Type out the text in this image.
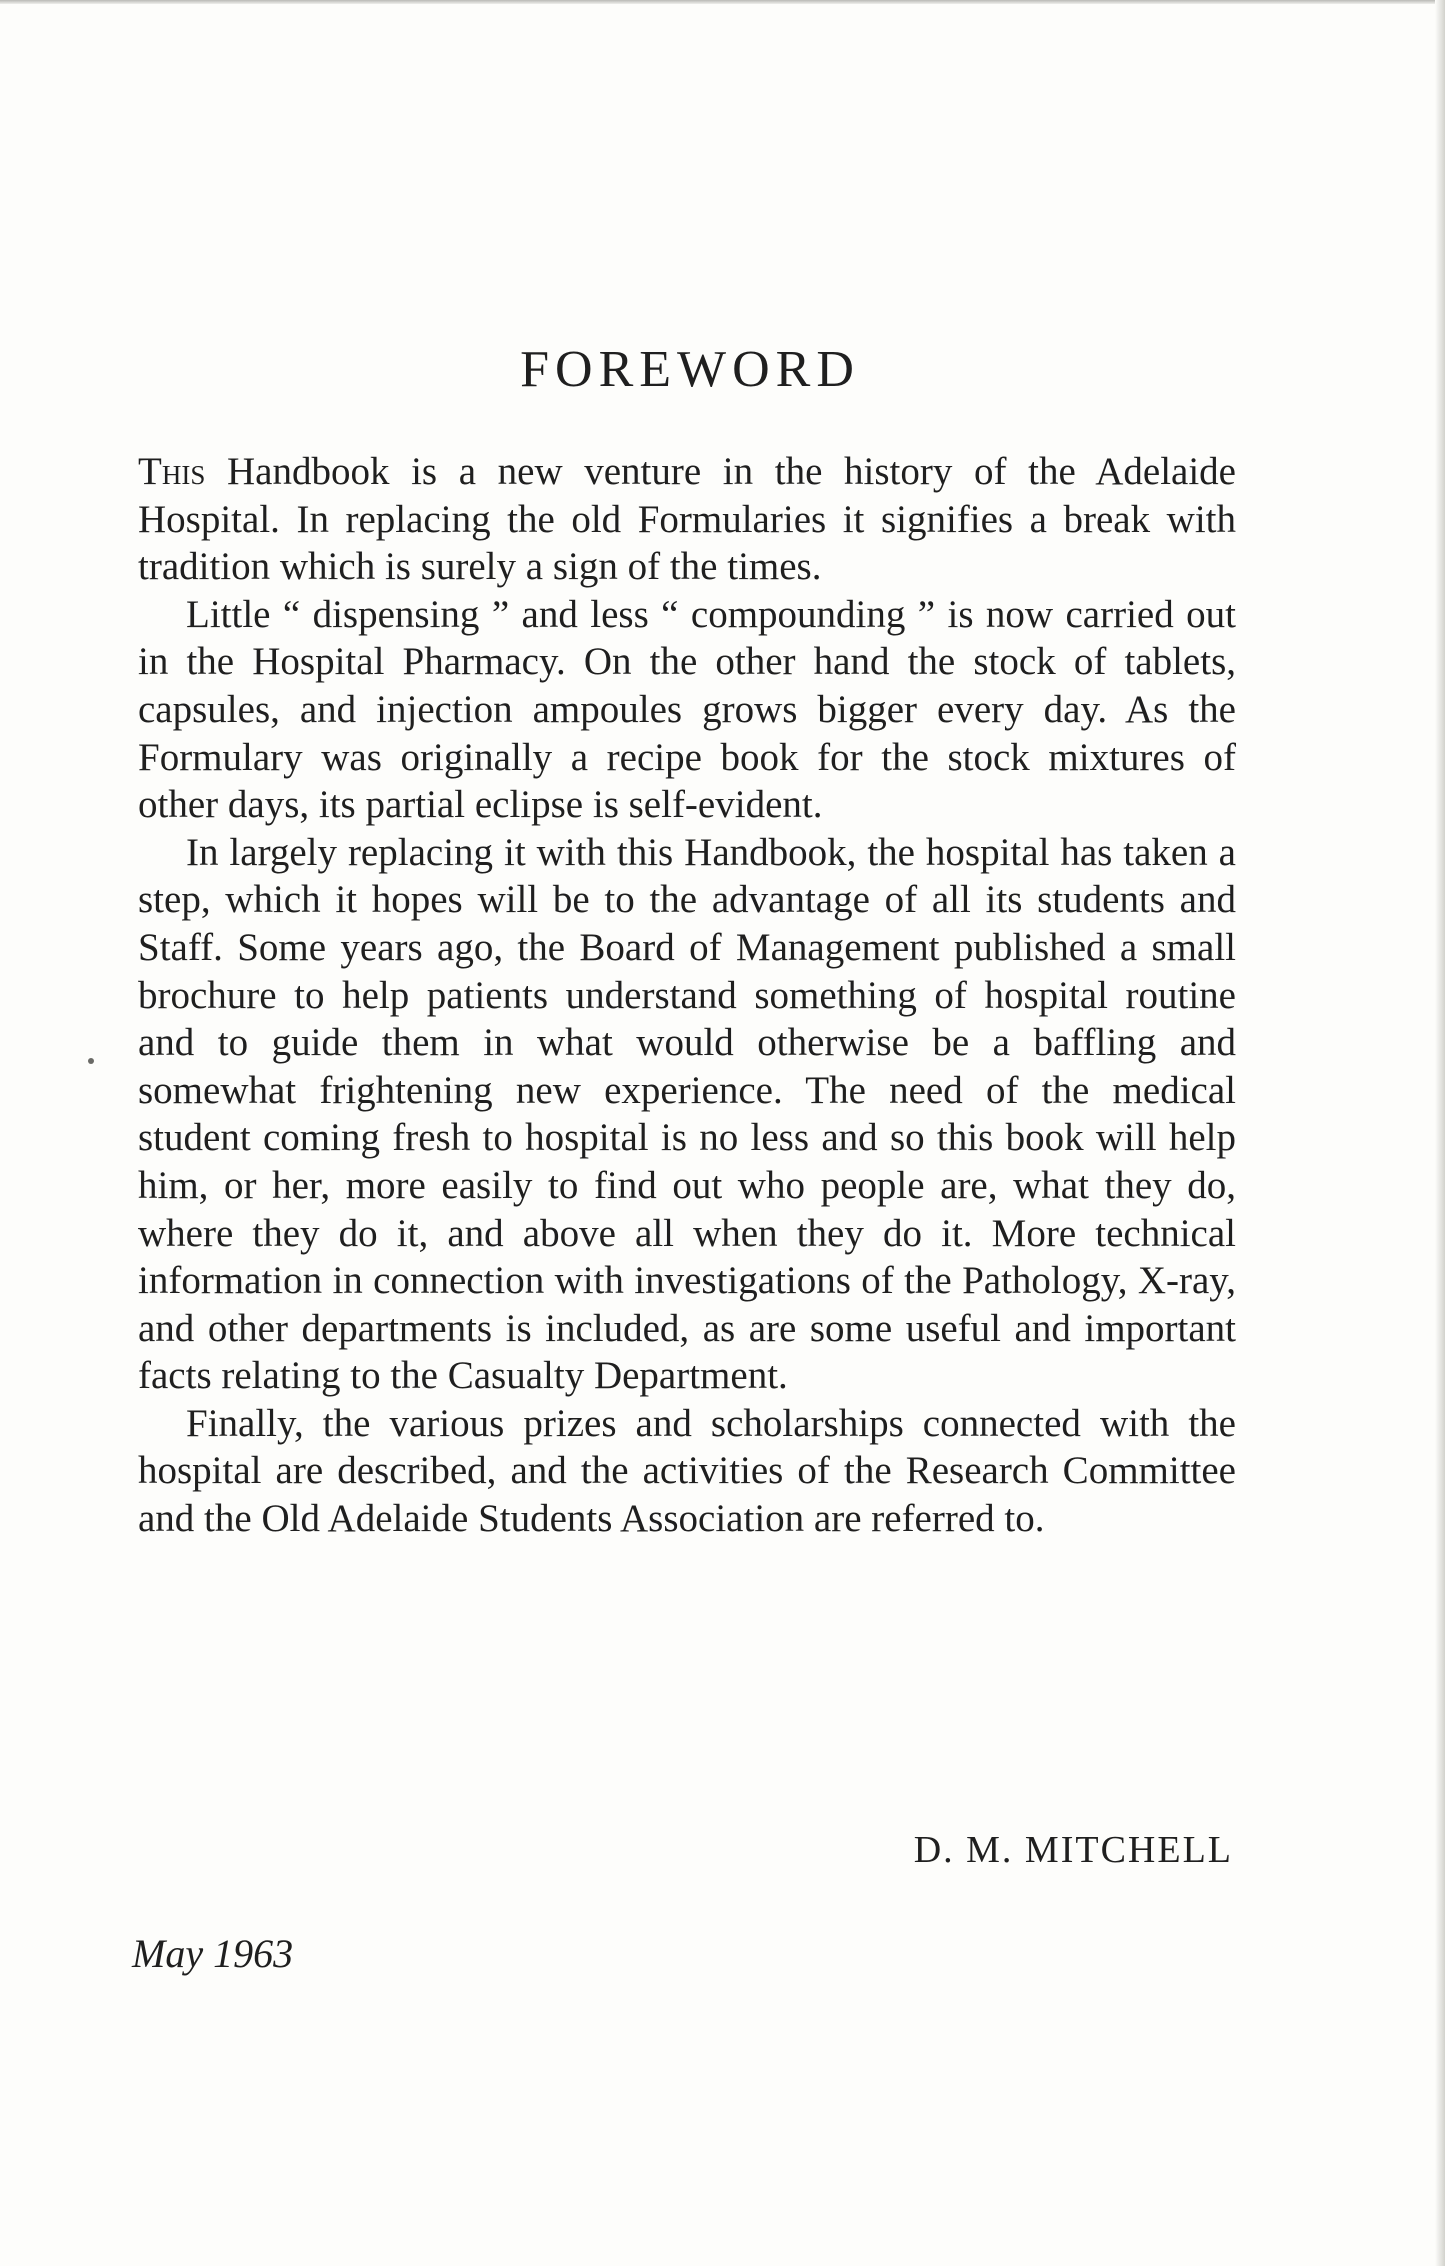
FOREWORD

This Handbook is a new venture in the history of the Adelaide Hospital. In replacing the old Formularies it signifies a break with tradition which is surely a sign of the times.

Little “ dispensing ” and less “ compounding ” is now carried out in the Hospital Pharmacy. On the other hand the stock of tablets, capsules, and injection ampoules grows bigger every day. As the Formulary was originally a recipe book for the stock mixtures of other days, its partial eclipse is self-evident.

In largely replacing it with this Handbook, the hospital has taken a step, which it hopes will be to the advantage of all its students and Staff. Some years ago, the Board of Management published a small brochure to help patients understand something of hospital routine and to guide them in what would otherwise be a baffling and somewhat frightening new experience. The need of the medical student coming fresh to hospital is no less and so this book will help him, or her, more easily to find out who people are, what they do, where they do it, and above all when they do it. More technical information in connection with investigations of the Pathology, X-ray, and other departments is included, as are some useful and important facts relating to the Casualty Department.

Finally, the various prizes and scholarships connected with the hospital are described, and the activities of the Research Committee and the Old Adelaide Students Association are referred to.

D. M. MITCHELL

May 1963
